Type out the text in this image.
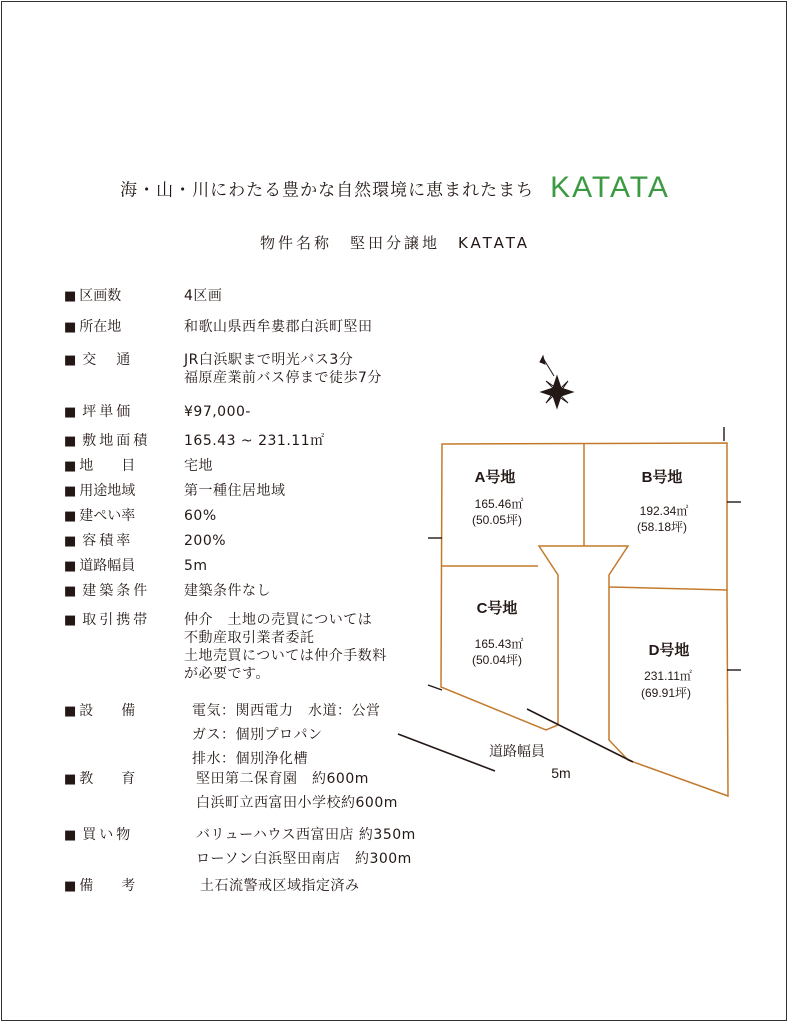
海・山・川にわたる豊かな自然環境に恵まれたまち KATATA
物件名称　堅田分譲地　KATATA
■ 区画数	4区画
■ 所在地	和歌山県西牟婁郡白浜町堅田
■ 交　通	JR白浜駅まで明光バス3分
福原産業前バス停まで徒歩7分
■ 坪単価	¥97,000-
■ 敷地面積 165.43 ~ 231.11㎡
■ 地　　目	宅地
■ 用途地域	第一種住居地域
■ 建ぺい率	60%
■ 容積率	200%
■ 道路幅員	5m
■ 建築条件 建築条件なし
■ 取引携帯 仲介　土地の売買については
不動産取引業者委託
土地売買については仲介手数料
が必要です。
■ 設　　備	電気：関西電力　水道：公営
ガス：個別プロパン
排水：個別浄化槽
■ 教　　育	堅田第二保育園　約600m
白浜町立西富田小学校約600m
■ 買い物	バリューハウス西富田店 約350m
ローソン白浜堅田南店　約300m
■ 備　　考	土石流警戒区域指定済み
A号地
165.46㎡
(50.05坪)
B号地
192.34㎡
(58.18坪)
C号地
165.43㎡
(50.04坪)
D号地
231.11㎡
(69.91坪)
道路幅員
5m
